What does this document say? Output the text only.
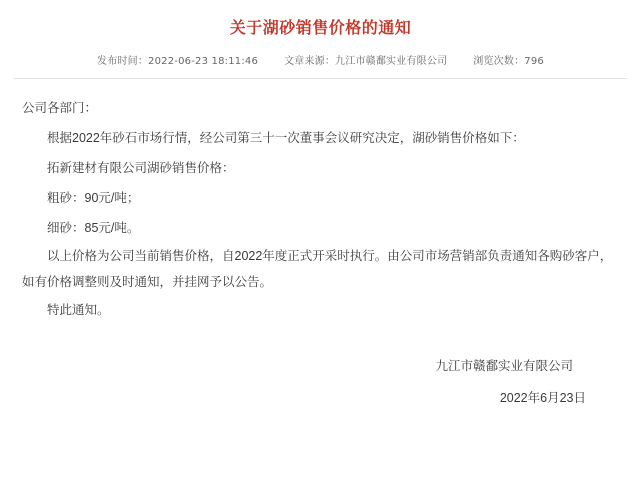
关于湖砂销售价格的通知
发布时间：2022-06-23 18:11:46	文章来源：九江市赣鄱实业有限公司	浏览次数：796

公司各部门：

根据2022年砂石市场行情，经公司第三十一次董事会议研究决定，湖砂销售价格如下：

拓新建材有限公司湖砂销售价格：

粗砂：90元/吨；

细砂：85元/吨。

以上价格为公司当前销售价格，自2022年度正式开采时执行。由公司市场营销部负责通知各购砂客户，如有价格调整则及时通知，并挂网予以公告。

特此通知。

九江市赣鄱实业有限公司
2022年6月23日
